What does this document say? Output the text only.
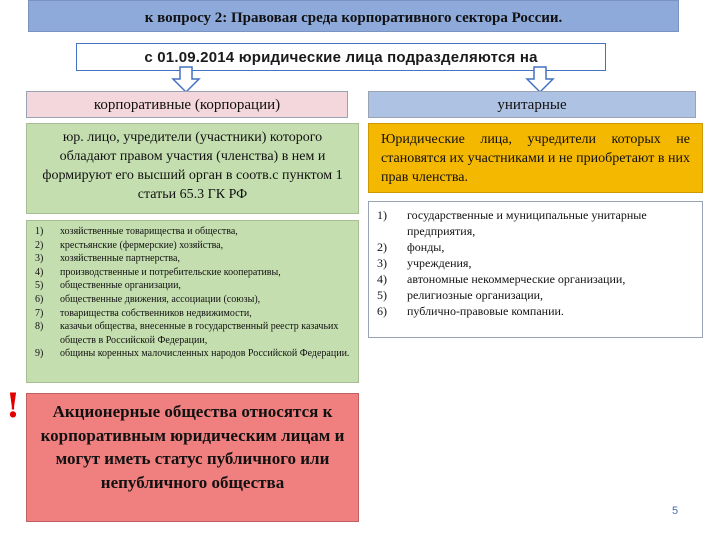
к вопросу 2: Правовая среда корпоративного сектора России.
с 01.09.2014 юридические лица подразделяются на
корпоративные (корпорации)	унитарные
юр. лицо, учредители (участники) которого обладают правом участия (членства) в нем и формируют его высший орган в соотв.с пунктом 1 статьи 65.3 ГК РФ
Юридические лица, учредители которых не становятся их участниками и не приобретают в них прав членства.
1)	хозяйственные товарищества и общества,
2)	крестьянские (фермерские) хозяйства,
3)	хозяйственные партнерства,
4)	производственные и потребительские кооперативы,
5)	общественные организации,
6)	общественные движения, ассоциации (союзы),
7)	товарищества собственников недвижимости,
8)	казачьи общества, внесенные в государственный реестр казачьих обществ в Российской Федерации,
9)	общины коренных малочисленных народов Российской Федерации.
1)	государственные и муниципальные унитарные предприятия,
2)	фонды,
3)	учреждения,
4)	автономные некоммерческие организации,
5)	религиозные организации,
6)	публично-правовые компании.
!	Акционерные общества относятся к корпоративным юридическим лицам и могут иметь статус публичного или непубличного общества
5
